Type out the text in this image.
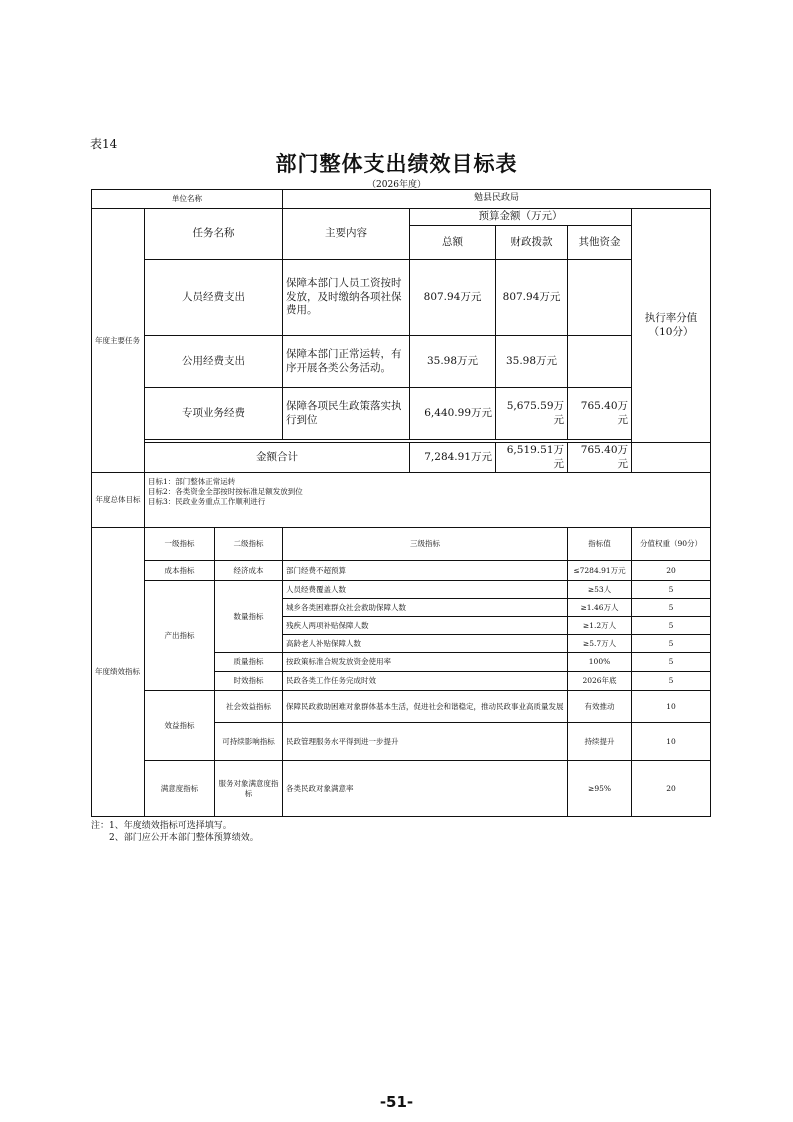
表14
部门整体支出绩效目标表
（2026年度）
单位名称			勉县民政局				
年度主要任务	任务名称		主要内容	预算金额（万元）			执行率分值（10分）
				总额	财政拨款	其他资金	
	人员经费支出		保障本部门人员工资按时发放，及时缴纳各项社保费用。	807.94万元	807.94万元		
	公用经费支出		保障本部门正常运转，有序开展各类公务活动。	35.98万元	35.98万元		
	专项业务经费		保障各项民生政策落实执行到位	6,440.99万元	5,675.59万元	765.40万元	

	金额合计			7,284.91万元	6,519.51万元	765.40万元	
年度总体目标	目标1：部门整体正常运转
目标2：各类资金全部按时按标准足额发放到位
目标3：民政业务重点工作顺利进行						

年度绩效指标	一级指标	二级指标	三级指标			指标值	分值权重（90分）
	成本指标	经济成本	部门经费不超预算			≤7284.91万元	20
	产出指标	数量指标	人员经费覆盖人数			≥53人	5
			城乡各类困难群众社会救助保障人数			≥1.46万人	5
			残疾人两项补贴保障人数			≥1.2万人	5
			高龄老人补贴保障人数			≥5.7万人	5
		质量指标	按政策标准合规发放资金使用率			100%	5
		时效指标	民政各类工作任务完成时效			2026年底	5
	效益指标	社会效益指标	保障民政救助困难对象群体基本生活，促进社会和谐稳定，推动民政事业高质量发展			有效推动	10
		可持续影响指标	民政管理服务水平得到进一步提升			持续提升	10
	满意度指标	服务对象满意度指标	各类民政对象满意率			≥95%	20
注：1、年度绩效指标可选择填写。
2、部门应公开本部门整体预算绩效。
-51-
